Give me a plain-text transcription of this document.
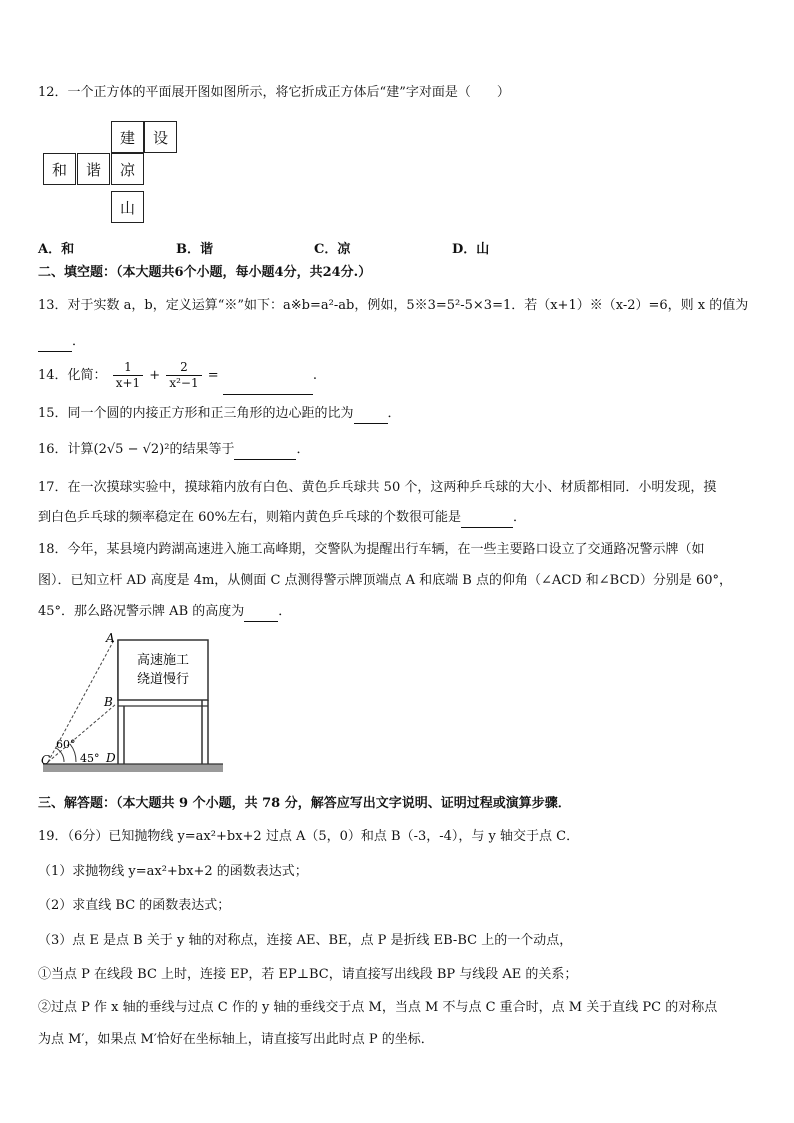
12．一个正方体的平面展开图如图所示，将它折成正方体后“建”字对面是（　　）
建	设
和	谐	凉
山
A．和	B．谐	C．凉	D．山
二、填空题：（本大题共6个小题，每小题4分，共24分.）
13．对于实数 a，b，定义运算“※”如下：a※b=a²-ab，例如，5※3=5²-5×3=1．若（x+1）※（x-2）=6，则 x 的值为
．
14．化简： $\frac{1}{x+1} + \frac{2}{\text{x²−1}}$ =	.
15．同一个圆的内接正方形和正三角形的边心距的比为	．
16．计算(2√5 − √2)²的结果等于	．
17．在一次摸球实验中，摸球箱内放有白色、黄色乒乓球共 50 个，这两种乒乓球的大小、材质都相同．小明发现，摸
到白色乒乓球的频率稳定在 60%左右，则箱内黄色乒乓球的个数很可能是	．
18．今年，某县境内跨湖高速进入施工高峰期，交警队为提醒出行车辆，在一些主要路口设立了交通路况警示牌（如
图）．已知立杆 AD 高度是 4m，从侧面 C 点测得警示牌顶端点 A 和底端 B 点的仰角（∠ACD 和∠BCD）分别是 60°，
45°．那么路况警示牌 AB 的高度为	．
高速施工
绕道慢行
A
B
C	D
60°
45°
三、解答题：（本大题共 9 个小题，共 78 分，解答应写出文字说明、证明过程或演算步骤．
19．（6分）已知抛物线 y=ax²+bx+2 过点 A（5，0）和点 B（-3，-4），与 y 轴交于点 C．
（1）求抛物线 y=ax²+bx+2 的函数表达式；
（2）求直线 BC 的函数表达式；
（3）点 E 是点 B 关于 y 轴的对称点，连接 AE、BE，点 P 是折线 EB-BC 上的一个动点，
①当点 P 在线段 BC 上时，连接 EP，若 EP⊥BC，请直接写出线段 BP 与线段 AE 的关系；
②过点 P 作 x 轴的垂线与过点 C 作的 y 轴的垂线交于点 M，当点 M 不与点 C 重合时，点 M 关于直线 PC 的对称点
为点 M′，如果点 M′恰好在坐标轴上，请直接写出此时点 P 的坐标．
